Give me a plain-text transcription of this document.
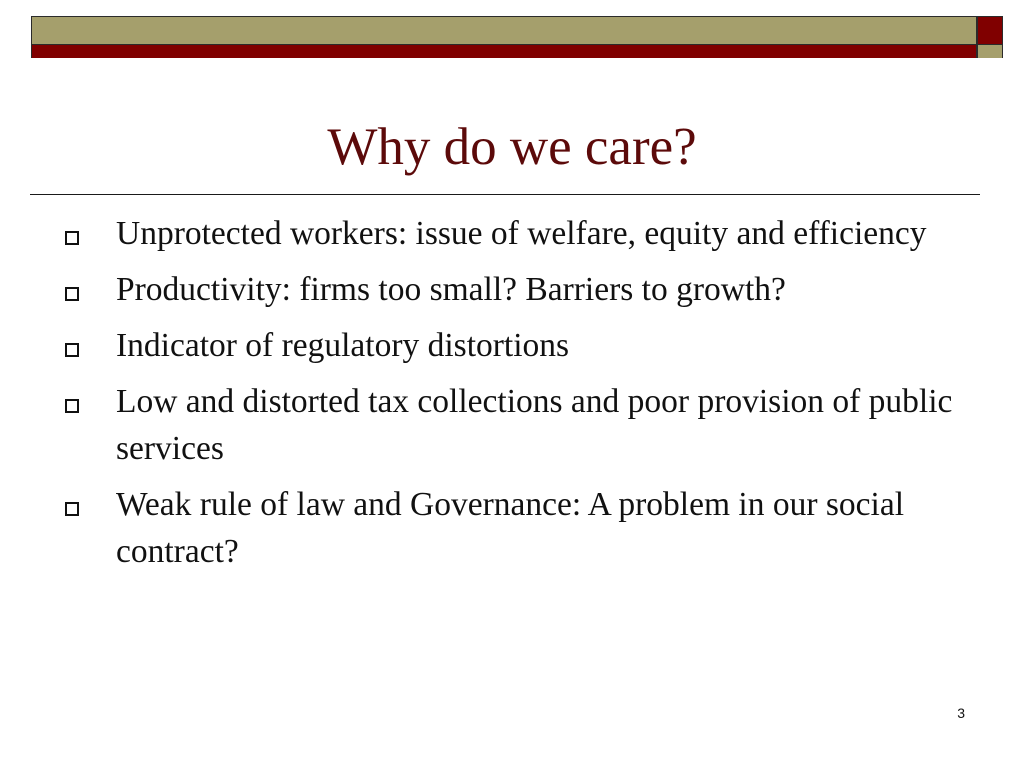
Why do we care?
Unprotected workers: issue of welfare, equity and efficiency
Productivity: firms too small? Barriers to growth?
Indicator of regulatory distortions
Low and distorted tax collections and poor provision of public services
Weak rule of law and Governance: A problem in our social contract?
3
